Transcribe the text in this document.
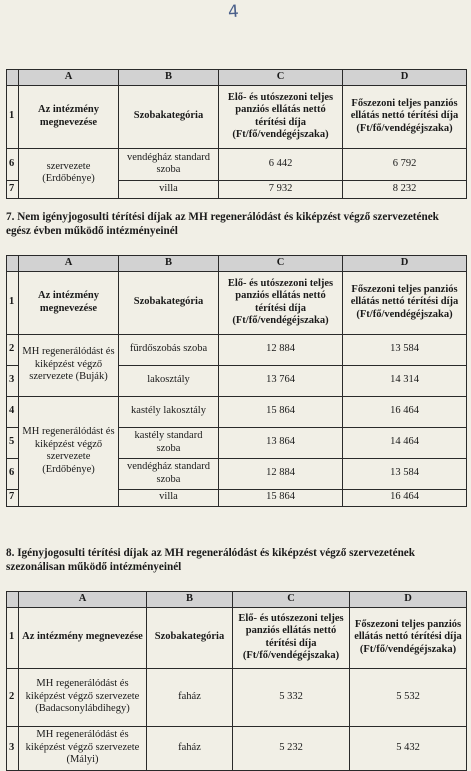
4
	A	B	C	D
1	Az intézmény megnevezése	Szobakategória	Elő- és utószezoni teljes panziós ellátás nettó térítési díja (Ft/fő/vendégéjszaka)	Főszezoni teljes panziós ellátás nettó térítési díja (Ft/fő/vendégéjszaka)
6	szervezete (Erdőbénye)	vendégház standard szoba	6 442	6 792
7		villa	7 932	8 232
7. Nem igényjogosulti térítési díjak az MH regenerálódást és kiképzést végző szervezetének egész évben működő intézményeinél
	A	B	C	D
1	Az intézmény megnevezése	Szobakategória	Elő- és utószezoni teljes panziós ellátás nettó térítési díja (Ft/fő/vendégéjszaka)	Főszezoni teljes panziós ellátás nettó térítési díja (Ft/fő/vendégéjszaka)
2	MH regenerálódást és kiképzést végző szervezete (Buják)	fürdőszobás szoba	12 884	13 584
3		lakosztály	13 764	14 314
4	MH regenerálódást és kiképzést végző szervezete (Erdőbénye)	kastély lakosztály	15 864	16 464
5		kastély standard szoba	13 864	14 464
6		vendégház standard szoba	12 884	13 584
7		villa	15 864	16 464
8. Igényjogosulti térítési díjak az MH regenerálódást és kiképzést végző szervezetének szezonálisan működő intézményeinél
	A	B	C	D
1	Az intézmény megnevezése	Szobakategória	Elő- és utószezoni teljes panziós ellátás nettó térítési díja (Ft/fő/vendégéjszaka)	Főszezoni teljes panziós ellátás nettó térítési díja (Ft/fő/vendégéjszaka)
2	MH regenerálódást és kiképzést végző szervezete (Badacsonylábdihegy)	faház	5 332	5 532
3	MH regenerálódást és kiképzést végző szervezete (Mályi)	faház	5 232	5 432
